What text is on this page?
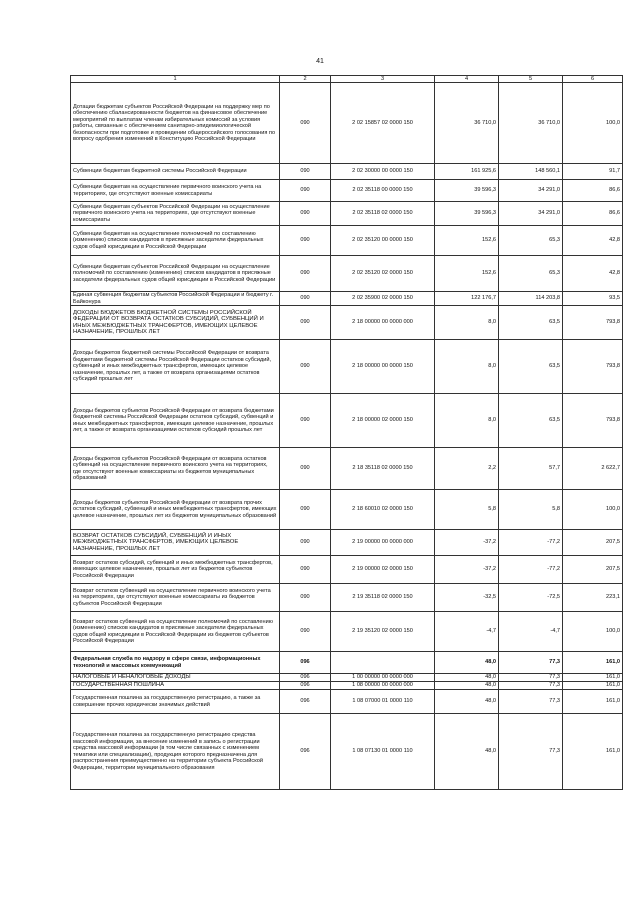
41
1	2	3	4	5	6
Дотации бюджетам субъектов Российской Федерации на поддержку мер по обеспечению сбалансированности бюджетов на финансовое обеспечение мероприятий по выплатам членам избирательных комиссий за условия работы, связанные с обеспечением санитарно-эпидемиологической безопасности при подготовке и проведении общероссийского голосования по вопросу одобрения изменений в Конституцию Российской Федерации	090	2 02 15857 02 0000 150	36 710,0	36 710,0	100,0
Субвенции бюджетам бюджетной системы Российской Федерации	090	2 02 30000 00 0000 150	161 925,6	148 560,1	91,7
Субвенции бюджетам на осуществление первичного воинского учета на территориях, где отсутствуют военные комиссариаты	090	2 02 35118 00 0000 150	39 596,3	34 291,0	86,6
Субвенции бюджетам субъектов Российской Федерации на осуществление первичного воинского учета на территориях, где отсутствуют военные комиссариаты	090	2 02 35118 02 0000 150	39 596,3	34 291,0	86,6
Субвенции бюджетам на осуществление полномочий по составлению (изменению) списков кандидатов в присяжные заседатели федеральных судов общей юрисдикции в Российской Федерации	090	2 02 35120 00 0000 150	152,6	65,3	42,8
Субвенции бюджетам субъектов Российской Федерации на осуществление полномочий по составлению (изменению) списков кандидатов в присяжные заседатели федеральных судов общей юрисдикции в Российской Федерации	090	2 02 35120 02 0000 150	152,6	65,3	42,8
Единая субвенция бюджетам субъектов Российской Федерации и бюджету г. Байконура	090	2 02 35900 02 0000 150	122 176,7	114 203,8	93,5
ДОХОДЫ БЮДЖЕТОВ БЮДЖЕТНОЙ СИСТЕМЫ РОССИЙСКОЙ ФЕДЕРАЦИИ ОТ ВОЗВРАТА ОСТАТКОВ СУБСИДИЙ, СУБВЕНЦИЙ И ИНЫХ МЕЖБЮДЖЕТНЫХ ТРАНСФЕРТОВ, ИМЕЮЩИХ ЦЕЛЕВОЕ НАЗНАЧЕНИЕ, ПРОШЛЫХ ЛЕТ	090	2 18 00000 00 0000 000	8,0	63,5	793,8
Доходы бюджетов бюджетной системы Российской Федерации от возврата бюджетами бюджетной системы Российской Федерации остатков субсидий, субвенций и иных межбюджетных трансфертов, имеющих целевое назначение, прошлых лет, а также от возврата организациями остатков субсидий прошлых лет	090	2 18 00000 00 0000 150	8,0	63,5	793,8
Доходы бюджетов субъектов Российской Федерации от возврата бюджетами бюджетной системы Российской Федерации остатков субсидий, субвенций и иных межбюджетных трансфертов, имеющих целевое назначение, прошлых лет, а также от возврата организациями остатков субсидий прошлых лет	090	2 18 00000 02 0000 150	8,0	63,5	793,8
Доходы бюджетов субъектов Российской Федерации от возврата остатков субвенций на осуществление первичного воинского учета на территориях, где отсутствуют военные комиссариаты из бюджетов муниципальных образований	090	2 18 35118 02 0000 150	2,2	57,7	2 622,7
Доходы бюджетов субъектов Российской Федерации от возврата прочих остатков субсидий, субвенций и иных межбюджетных трансфертов, имеющих целевое назначение, прошлых лет из бюджетов муниципальных образований	090	2 18 60010 02 0000 150	5,8	5,8	100,0
ВОЗВРАТ ОСТАТКОВ СУБСИДИЙ, СУБВЕНЦИЙ И ИНЫХ МЕЖБЮДЖЕТНЫХ ТРАНСФЕРТОВ, ИМЕЮЩИХ ЦЕЛЕВОЕ НАЗНАЧЕНИЕ, ПРОШЛЫХ ЛЕТ	090	2 19 00000 00 0000 000	-37,2	-77,2	207,5
Возврат остатков субсидий, субвенций и иных межбюджетных трансфертов, имеющих целевое назначение, прошлых лет из бюджетов субъектов Российской Федерации	090	2 19 00000 02 0000 150	-37,2	-77,2	207,5
Возврат остатков субвенций на осуществление первичного воинского учета на территориях, где отсутствуют военные комиссариаты из бюджетов субъектов Российской Федерации	090	2 19 35118 02 0000 150	-32,5	-72,5	223,1
Возврат остатков субвенций на осуществление полномочий по составлению (изменению) списков кандидатов в присяжные заседатели федеральных судов общей юрисдикции в Российской Федерации из бюджетов субъектов Российской Федерации	090	2 19 35120 02 0000 150	-4,7	-4,7	100,0
Федеральная служба по надзору в сфере связи, информационных технологий и массовых коммуникаций	096		48,0	77,3	161,0
НАЛОГОВЫЕ И НЕНАЛОГОВЫЕ ДОХОДЫ	096	1 00 00000 00 0000 000	48,0	77,3	161,0
ГОСУДАРСТВЕННАЯ ПОШЛИНА	096	1 08 00000 00 0000 000	48,0	77,3	161,0
Государственная пошлина за государственную регистрацию, а также за совершение прочих юридически значимых действий	096	1 08 07000 01 0000 110	48,0	77,3	161,0
Государственная пошлина за государственную регистрацию средства массовой информации, за внесение изменений в запись о регистрации средства массовой информации (в том числе связанных с изменением тематики или специализации), продукция которого предназначена для распространения преимущественно на территории субъекта Российской Федерации, территории муниципального образования	096	1 08 07130 01 0000 110	48,0	77,3	161,0
